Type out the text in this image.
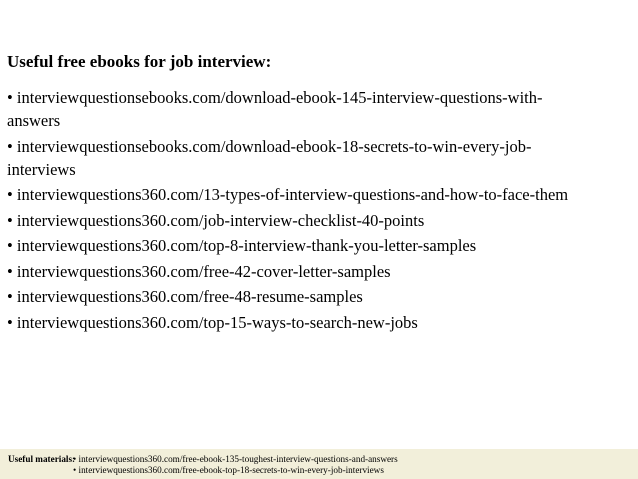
Useful free ebooks for job interview:
• interviewquestionsebooks.com/download-ebook-145-interview-questions-with-
answers
• interviewquestionsebooks.com/download-ebook-18-secrets-to-win-every-job-
interviews
• interviewquestions360.com/13-types-of-interview-questions-and-how-to-face-them
• interviewquestions360.com/job-interview-checklist-40-points
• interviewquestions360.com/top-8-interview-thank-you-letter-samples
• interviewquestions360.com/free-42-cover-letter-samples
• interviewquestions360.com/free-48-resume-samples
• interviewquestions360.com/top-15-ways-to-search-new-jobs
Useful materials:
• interviewquestions360.com/free-ebook-135-toughest-interview-questions-and-answers
• interviewquestions360.com/free-ebook-top-18-secrets-to-win-every-job-interviews
